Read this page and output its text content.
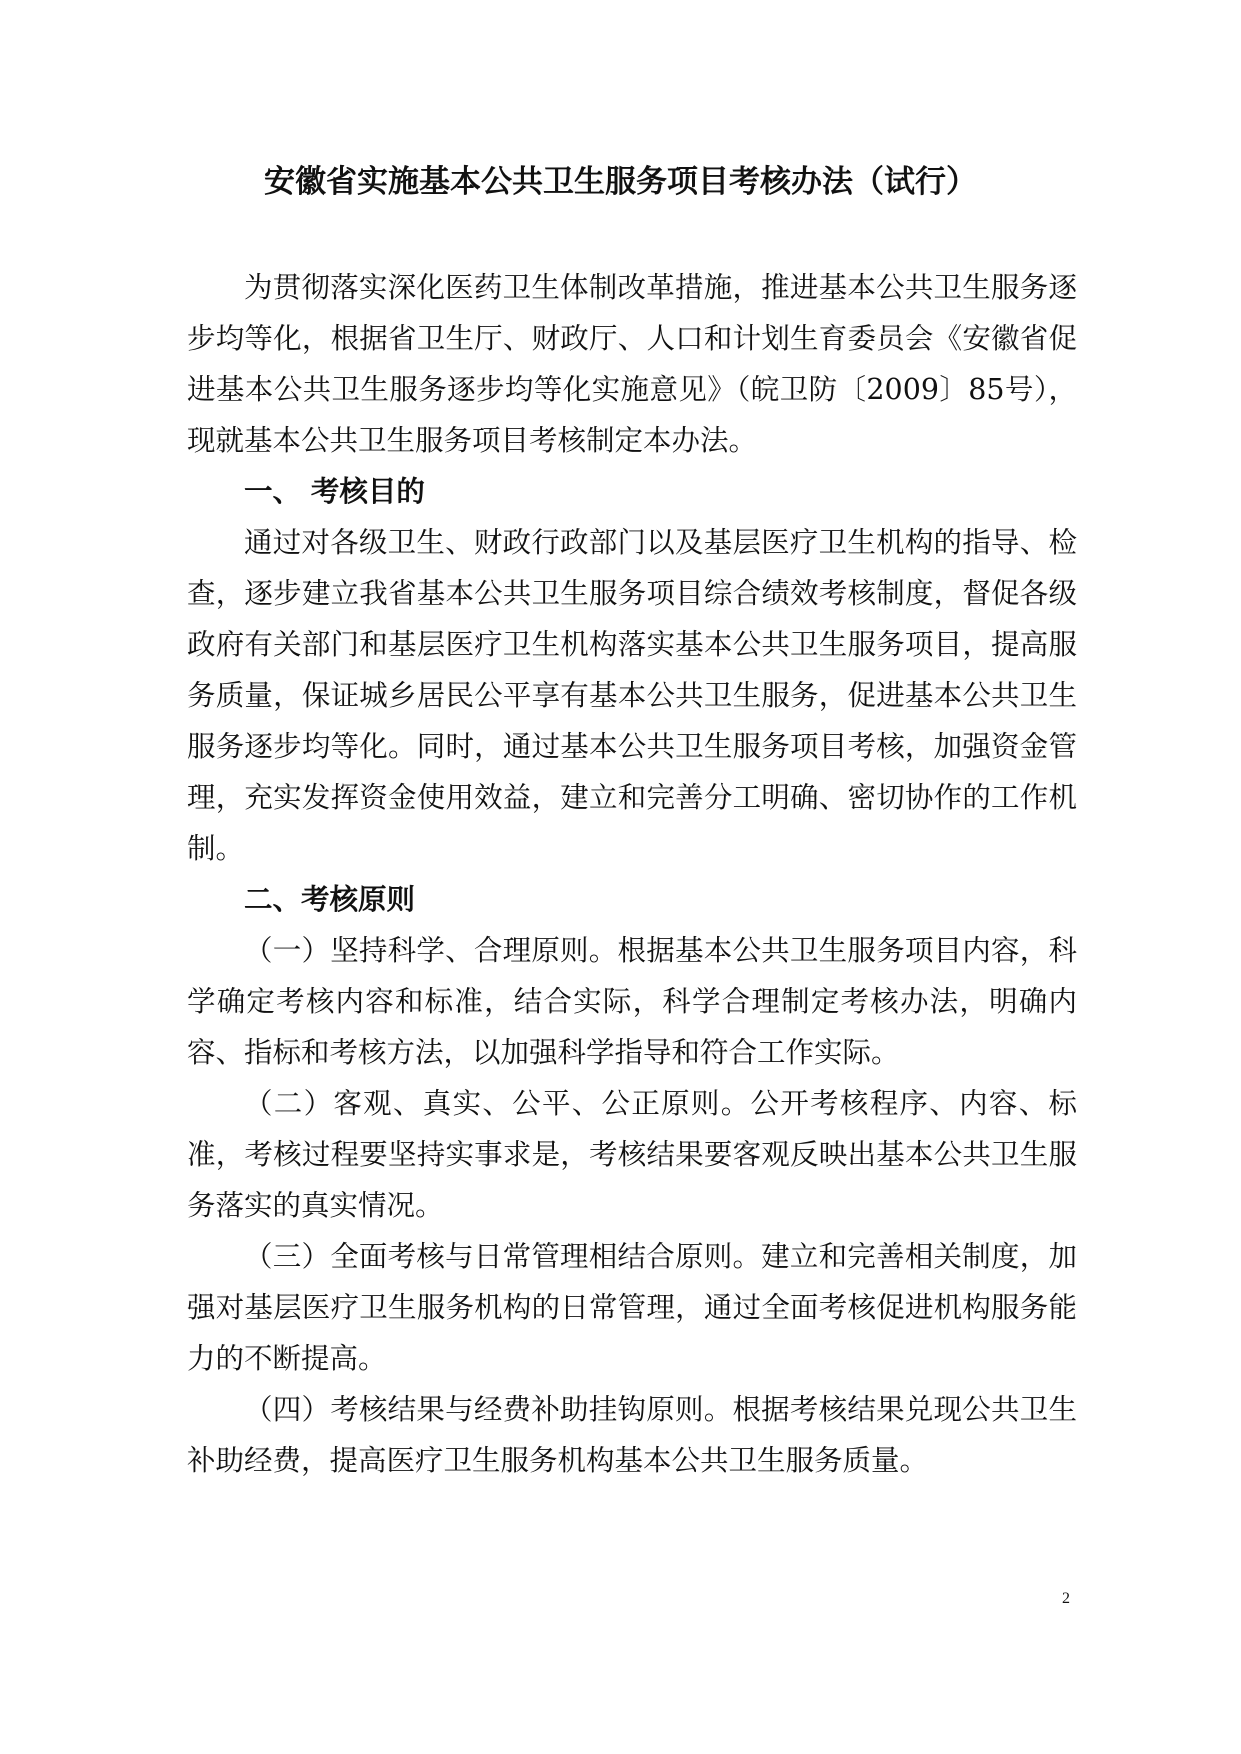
安徽省实施基本公共卫生服务项目考核办法（试行）

为贯彻落实深化医药卫生体制改革措施，推进基本公共卫生服务逐步均等化，根据省卫生厅、财政厅、人口和计划生育委员会《安徽省促进基本公共卫生服务逐步均等化实施意见》（皖卫防〔2009〕85号），现就基本公共卫生服务项目考核制定本办法。

一、 考核目的

通过对各级卫生、财政行政部门以及基层医疗卫生机构的指导、检查，逐步建立我省基本公共卫生服务项目综合绩效考核制度，督促各级政府有关部门和基层医疗卫生机构落实基本公共卫生服务项目，提高服务质量，保证城乡居民公平享有基本公共卫生服务，促进基本公共卫生服务逐步均等化。同时，通过基本公共卫生服务项目考核，加强资金管理，充实发挥资金使用效益，建立和完善分工明确、密切协作的工作机制。

二、考核原则

（一）坚持科学、合理原则。根据基本公共卫生服务项目内容，科学确定考核内容和标准，结合实际，科学合理制定考核办法，明确内容、指标和考核方法，以加强科学指导和符合工作实际。

（二）客观、真实、公平、公正原则。公开考核程序、内容、标准，考核过程要坚持实事求是，考核结果要客观反映出基本公共卫生服务落实的真实情况。

（三）全面考核与日常管理相结合原则。建立和完善相关制度，加强对基层医疗卫生服务机构的日常管理，通过全面考核促进机构服务能力的不断提高。

（四）考核结果与经费补助挂钩原则。根据考核结果兑现公共卫生补助经费，提高医疗卫生服务机构基本公共卫生服务质量。

2
